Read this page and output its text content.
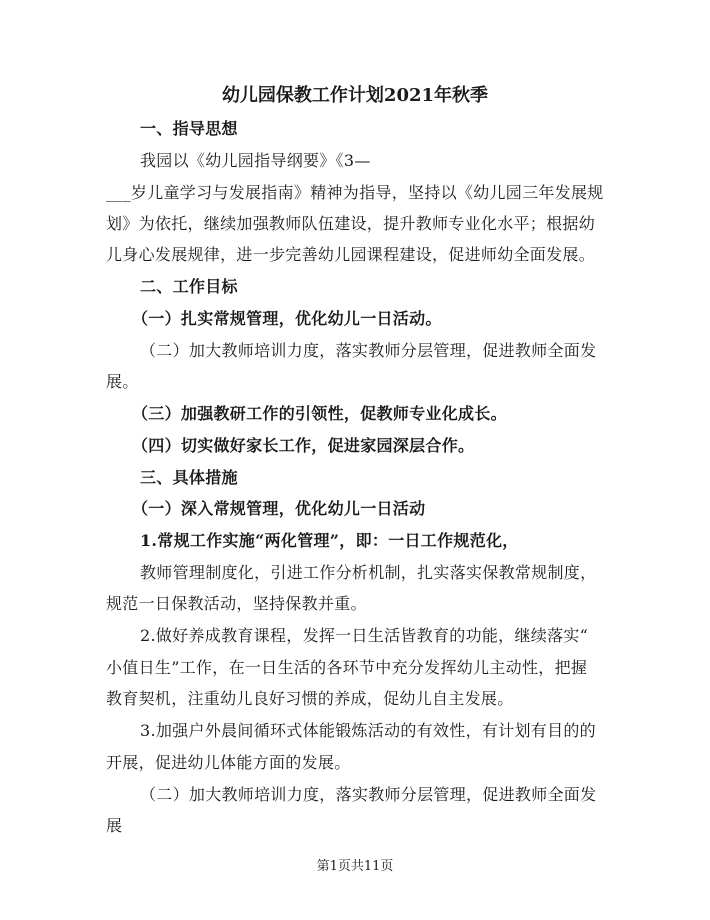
幼儿园保教工作计划2021年秋季

一、指导思想

我园以《幼儿园指导纲要》《3—

___岁儿童学习与发展指南》精神为指导，坚持以《幼儿园三年发展规

划》为依托，继续加强教师队伍建设，提升教师专业化水平；根据幼

儿身心发展规律，进一步完善幼儿园课程建设，促进师幼全面发展。

二、工作目标

（一）扎实常规管理，优化幼儿一日活动。

（二）加大教师培训力度，落实教师分层管理，促进教师全面发

展。

（三）加强教研工作的引领性，促教师专业化成长。

（四）切实做好家长工作，促进家园深层合作。

三、具体措施

（一）深入常规管理，优化幼儿一日活动

1.常规工作实施“两化管理”，即：一日工作规范化，

教师管理制度化，引进工作分析机制，扎实落实保教常规制度，

规范一日保教活动，坚持保教并重。

2.做好养成教育课程，发挥一日生活皆教育的功能，继续落实“

小值日生”工作，在一日生活的各环节中充分发挥幼儿主动性，把握

教育契机，注重幼儿良好习惯的养成，促幼儿自主发展。

3.加强户外晨间循环式体能锻炼活动的有效性，有计划有目的的

开展，促进幼儿体能方面的发展。

（二）加大教师培训力度，落实教师分层管理，促进教师全面发

展

第1页共11页
